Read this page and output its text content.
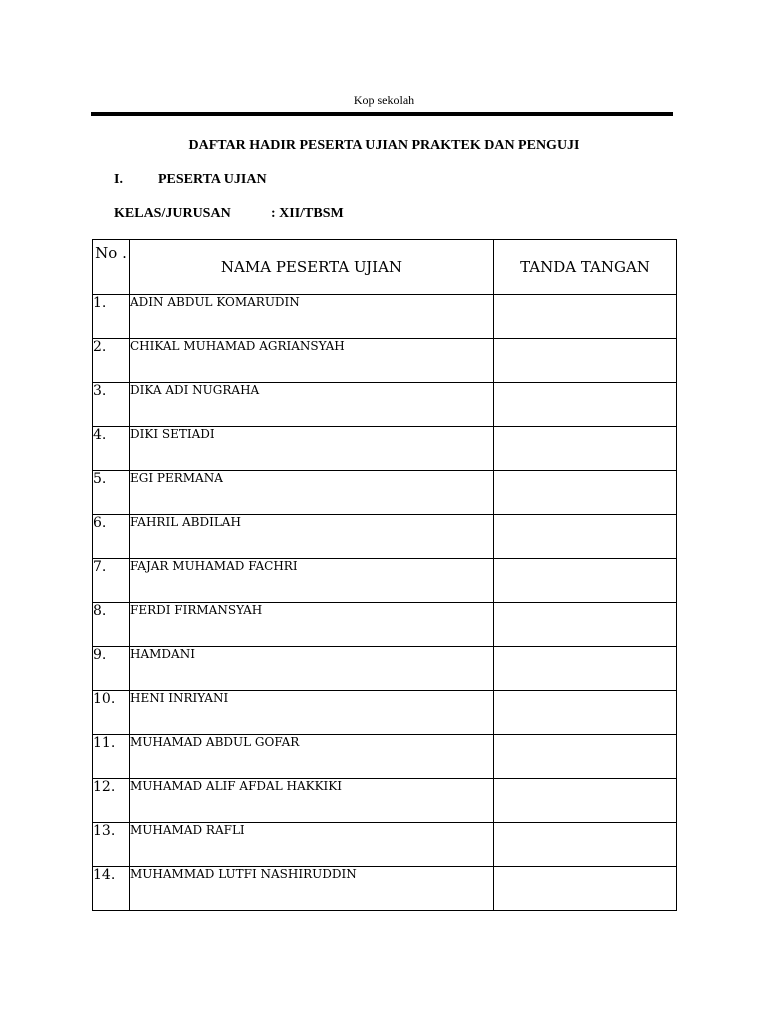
Kop sekolah
DAFTAR HADIR PESERTA UJIAN PRAKTEK DAN PENGUJI
I.	PESERTA UJIAN
KELAS/JURUSAN	: XII/TBSM
No .	NAMA PESERTA UJIAN	TANDA TANGAN
1.	ADIN ABDUL KOMARUDIN	
2.	CHIKAL MUHAMAD AGRIANSYAH	
3.	DIKA ADI NUGRAHA	
4.	DIKI SETIADI	
5.	EGI PERMANA	
6.	FAHRIL ABDILAH	
7.	FAJAR MUHAMAD FACHRI	
8.	FERDI FIRMANSYAH	
9.	HAMDANI	
10.	HENI INRIYANI	
11.	MUHAMAD ABDUL GOFAR	
12.	MUHAMAD ALIF AFDAL HAKKIKI	
13.	MUHAMAD RAFLI	
14.	MUHAMMAD LUTFI NASHIRUDDIN	
